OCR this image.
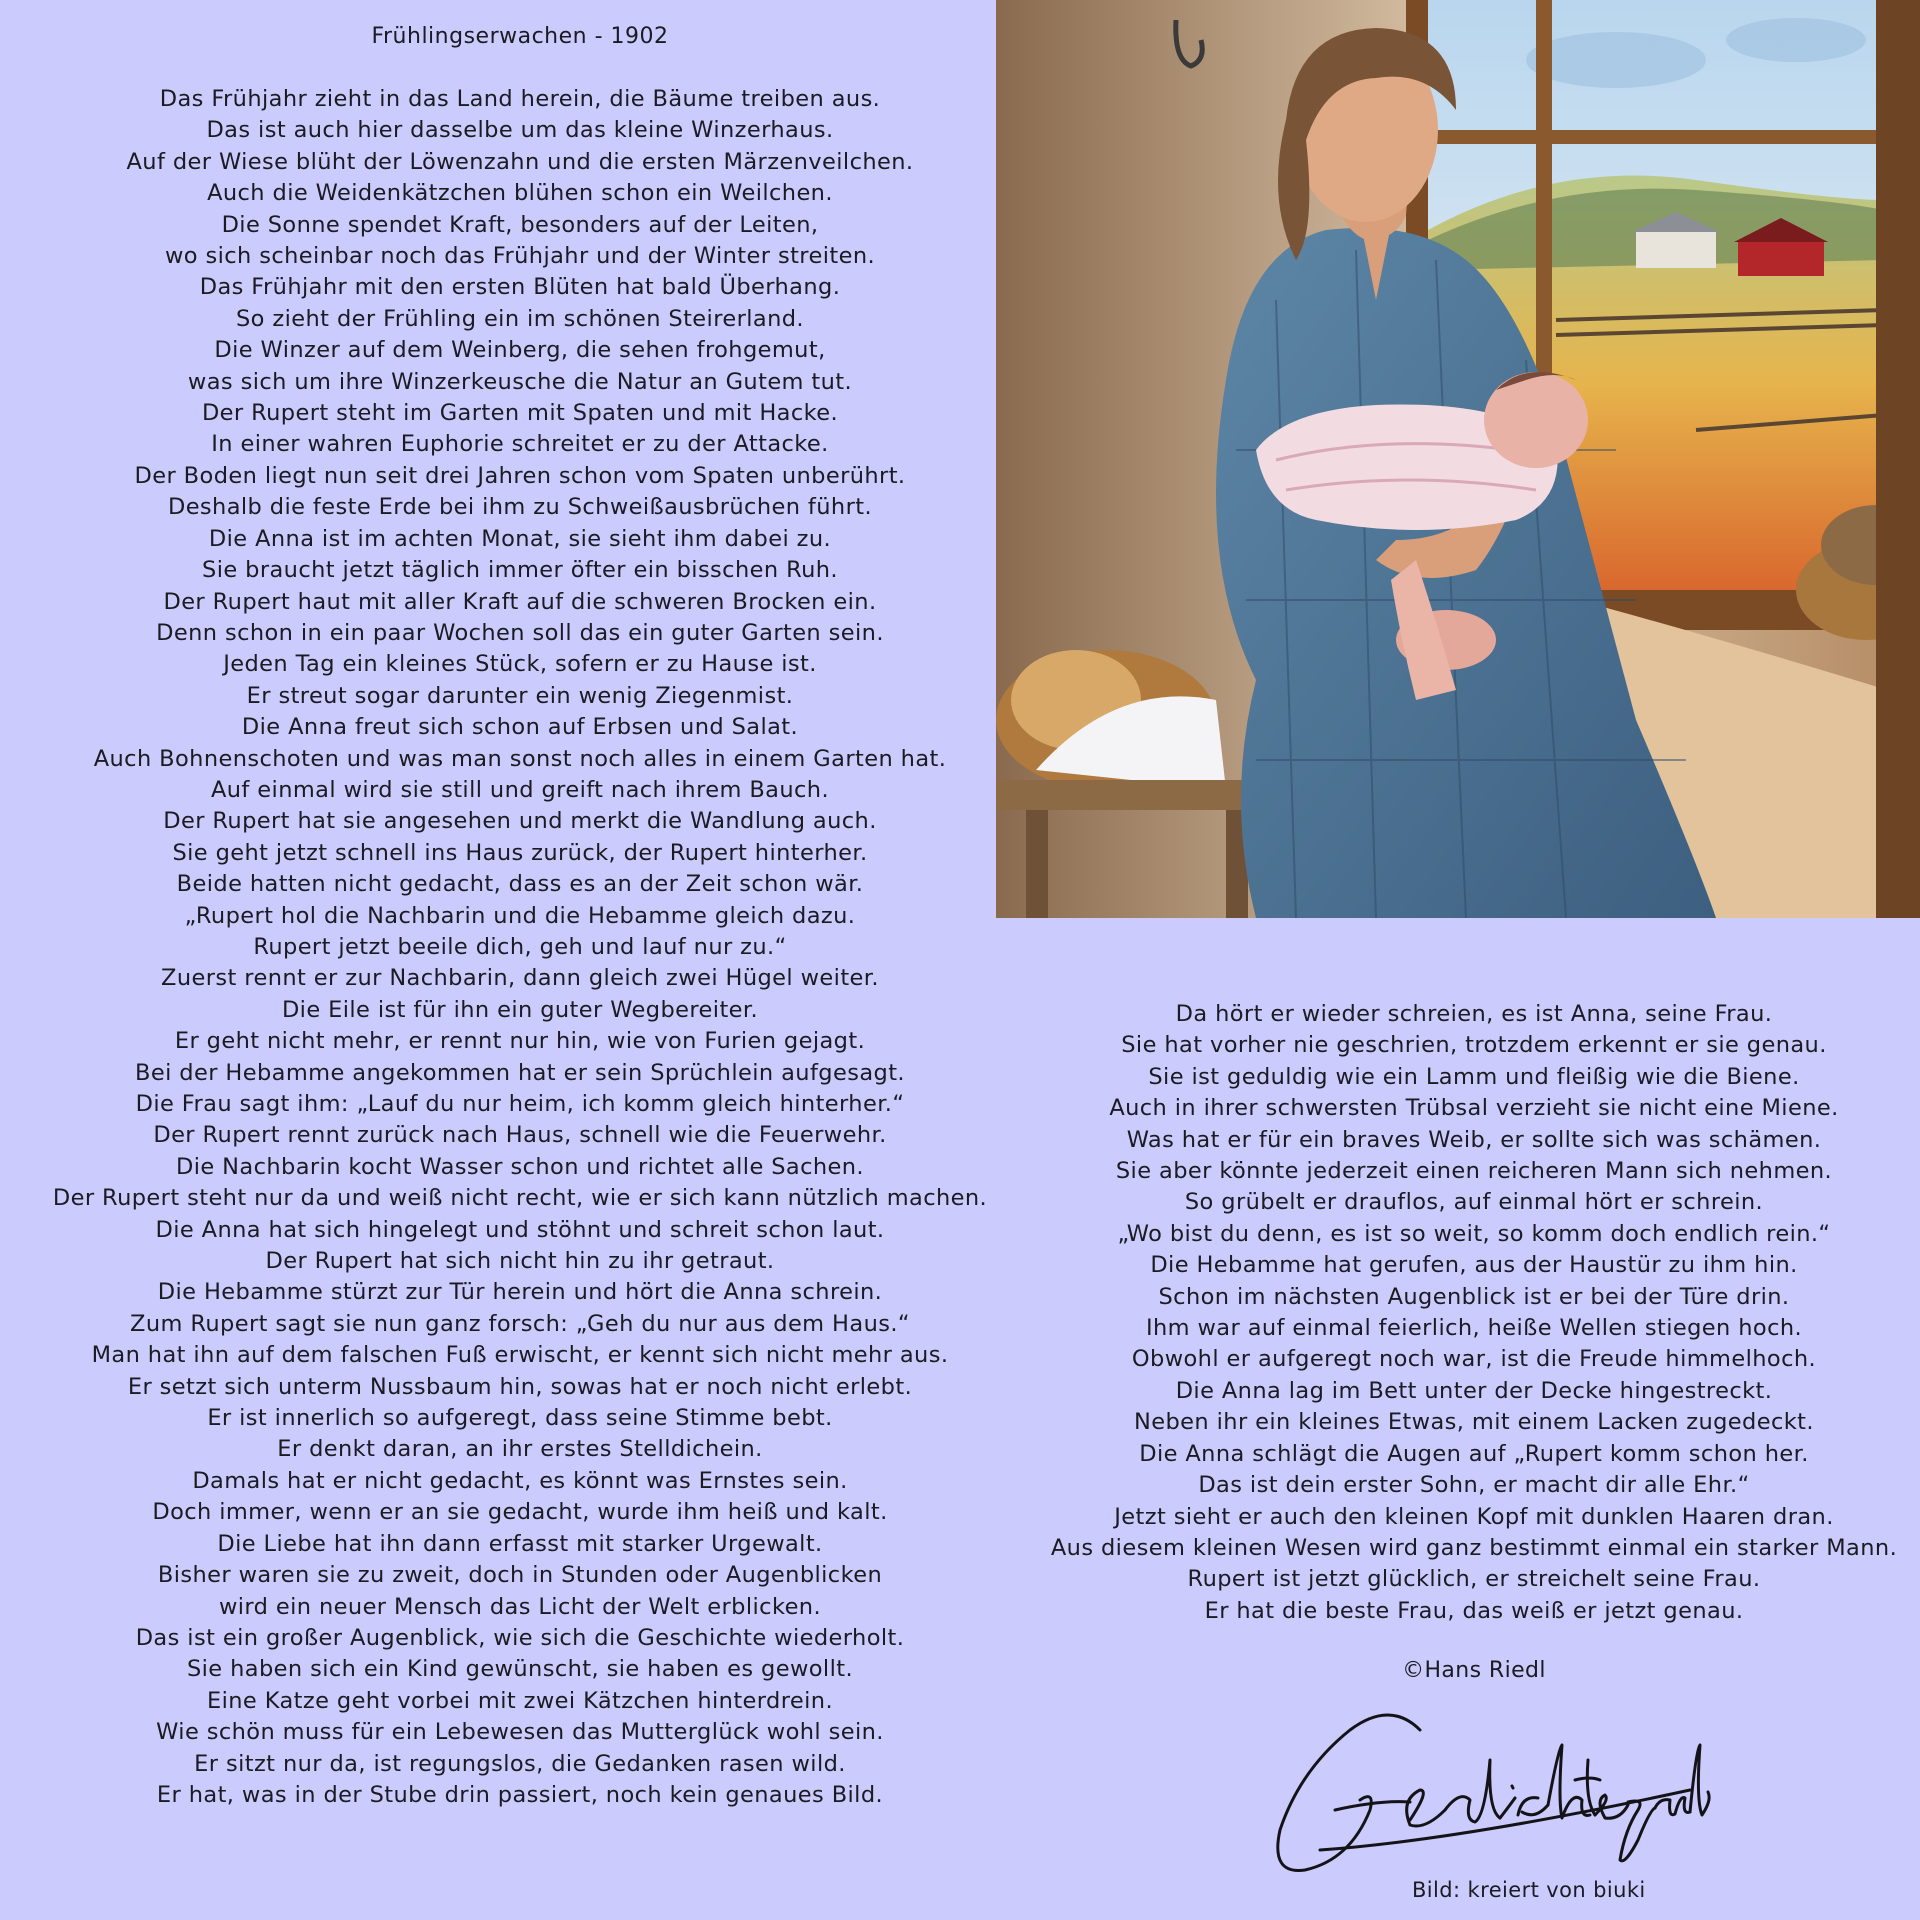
Frühlingserwachen - 1902
Das Frühjahr zieht in das Land herein, die Bäume treiben aus.
Das ist auch hier dasselbe um das kleine Winzerhaus.
Auf der Wiese blüht der Löwenzahn und die ersten Märzenveilchen.
Auch die Weidenkätzchen blühen schon ein Weilchen.
Die Sonne spendet Kraft, besonders auf der Leiten,
wo sich scheinbar noch das Frühjahr und der Winter streiten.
Das Frühjahr mit den ersten Blüten hat bald Überhang.
So zieht der Frühling ein im schönen Steirerland.
Die Winzer auf dem Weinberg, die sehen frohgemut,
was sich um ihre Winzerkeusche die Natur an Gutem tut.
Der Rupert steht im Garten mit Spaten und mit Hacke.
In einer wahren Euphorie schreitet er zu der Attacke.
Der Boden liegt nun seit drei Jahren schon vom Spaten unberührt.
Deshalb die feste Erde bei ihm zu Schweißausbrüchen führt.
Die Anna ist im achten Monat, sie sieht ihm dabei zu.
Sie braucht jetzt täglich immer öfter ein bisschen Ruh.
Der Rupert haut mit aller Kraft auf die schweren Brocken ein.
Denn schon in ein paar Wochen soll das ein guter Garten sein.
Jeden Tag ein kleines Stück, sofern er zu Hause ist.
Er streut sogar darunter ein wenig Ziegenmist.
Die Anna freut sich schon auf Erbsen und Salat.
Auch Bohnenschoten und was man sonst noch alles in einem Garten hat.
Auf einmal wird sie still und greift nach ihrem Bauch.
Der Rupert hat sie angesehen und merkt die Wandlung auch.
Sie geht jetzt schnell ins Haus zurück, der Rupert hinterher.
Beide hatten nicht gedacht, dass es an der Zeit schon wär.
„Rupert hol die Nachbarin und die Hebamme gleich dazu.
Rupert jetzt beeile dich, geh und lauf nur zu.“
Zuerst rennt er zur Nachbarin, dann gleich zwei Hügel weiter.
Die Eile ist für ihn ein guter Wegbereiter.
Er geht nicht mehr, er rennt nur hin, wie von Furien gejagt.
Bei der Hebamme angekommen hat er sein Sprüchlein aufgesagt.
Die Frau sagt ihm: „Lauf du nur heim, ich komm gleich hinterher.“
Der Rupert rennt zurück nach Haus, schnell wie die Feuerwehr.
Die Nachbarin kocht Wasser schon und richtet alle Sachen.
Der Rupert steht nur da und weiß nicht recht, wie er sich kann nützlich machen.
Die Anna hat sich hingelegt und stöhnt und schreit schon laut.
Der Rupert hat sich nicht hin zu ihr getraut.
Die Hebamme stürzt zur Tür herein und hört die Anna schrein.
Zum Rupert sagt sie nun ganz forsch: „Geh du nur aus dem Haus.“
Man hat ihn auf dem falschen Fuß erwischt, er kennt sich nicht mehr aus.
Er setzt sich unterm Nussbaum hin, sowas hat er noch nicht erlebt.
Er ist innerlich so aufgeregt, dass seine Stimme bebt.
Er denkt daran, an ihr erstes Stelldichein.
Damals hat er nicht gedacht, es könnt was Ernstes sein.
Doch immer, wenn er an sie gedacht, wurde ihm heiß und kalt.
Die Liebe hat ihn dann erfasst mit starker Urgewalt.
Bisher waren sie zu zweit, doch in Stunden oder Augenblicken
wird ein neuer Mensch das Licht der Welt erblicken.
Das ist ein großer Augenblick, wie sich die Geschichte wiederholt.
Sie haben sich ein Kind gewünscht, sie haben es gewollt.
Eine Katze geht vorbei mit zwei Kätzchen hinterdrein.
Wie schön muss für ein Lebewesen das Mutterglück wohl sein.
Er sitzt nur da, ist regungslos, die Gedanken rasen wild.
Er hat, was in der Stube drin passiert, noch kein genaues Bild.
Da hört er wieder schreien, es ist Anna, seine Frau.
Sie hat vorher nie geschrien, trotzdem erkennt er sie genau.
Sie ist geduldig wie ein Lamm und fleißig wie die Biene.
Auch in ihrer schwersten Trübsal verzieht sie nicht eine Miene.
Was hat er für ein braves Weib, er sollte sich was schämen.
Sie aber könnte jederzeit einen reicheren Mann sich nehmen.
So grübelt er drauflos, auf einmal hört er schrein.
„Wo bist du denn, es ist so weit, so komm doch endlich rein.“
Die Hebamme hat gerufen, aus der Haustür zu ihm hin.
Schon im nächsten Augenblick ist er bei der Türe drin.
Ihm war auf einmal feierlich, heiße Wellen stiegen hoch.
Obwohl er aufgeregt noch war, ist die Freude himmelhoch.
Die Anna lag im Bett unter der Decke hingestreckt.
Neben ihr ein kleines Etwas, mit einem Lacken zugedeckt.
Die Anna schlägt die Augen auf „Rupert komm schon her.
Das ist dein erster Sohn, er macht dir alle Ehr.“
Jetzt sieht er auch den kleinen Kopf mit dunklen Haaren dran.
Aus diesem kleinen Wesen wird ganz bestimmt einmal ein starker Mann.
Rupert ist jetzt glücklich, er streichelt seine Frau.
Er hat die beste Frau, das weiß er jetzt genau.
©Hans Riedl
Bild: kreiert von biuki
